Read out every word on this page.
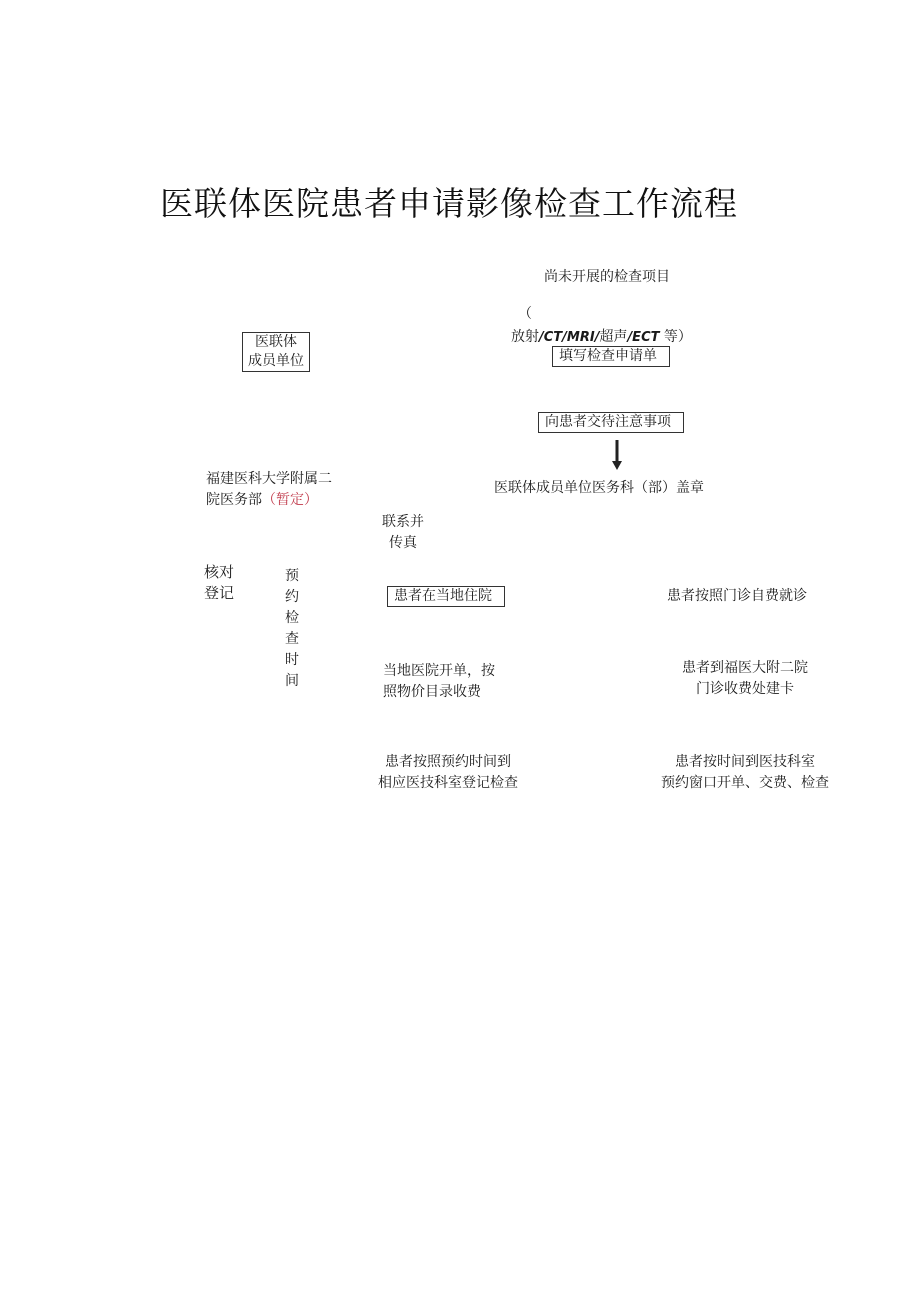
医联体医院患者申请影像检查工作流程
医联体
成员单位
福建医科大学附属二
院医务部（暂定）
核对
登记
预
约
检
查
时
间
尚未开展的检查项目
（
放射/CT/MRI/超声/ECT 等）
填写检查申请单
向患者交待注意事项
医联体成员单位医务科（部）盖章
联系并
传真
患者在当地住院
当地医院开单，按
照物价目录收费
患者按照预约时间到
相应医技科室登记检查
患者按照门诊自费就诊
患者到福医大附二院
门诊收费处建卡
患者按时间到医技科室
预约窗口开单、交费、检查
